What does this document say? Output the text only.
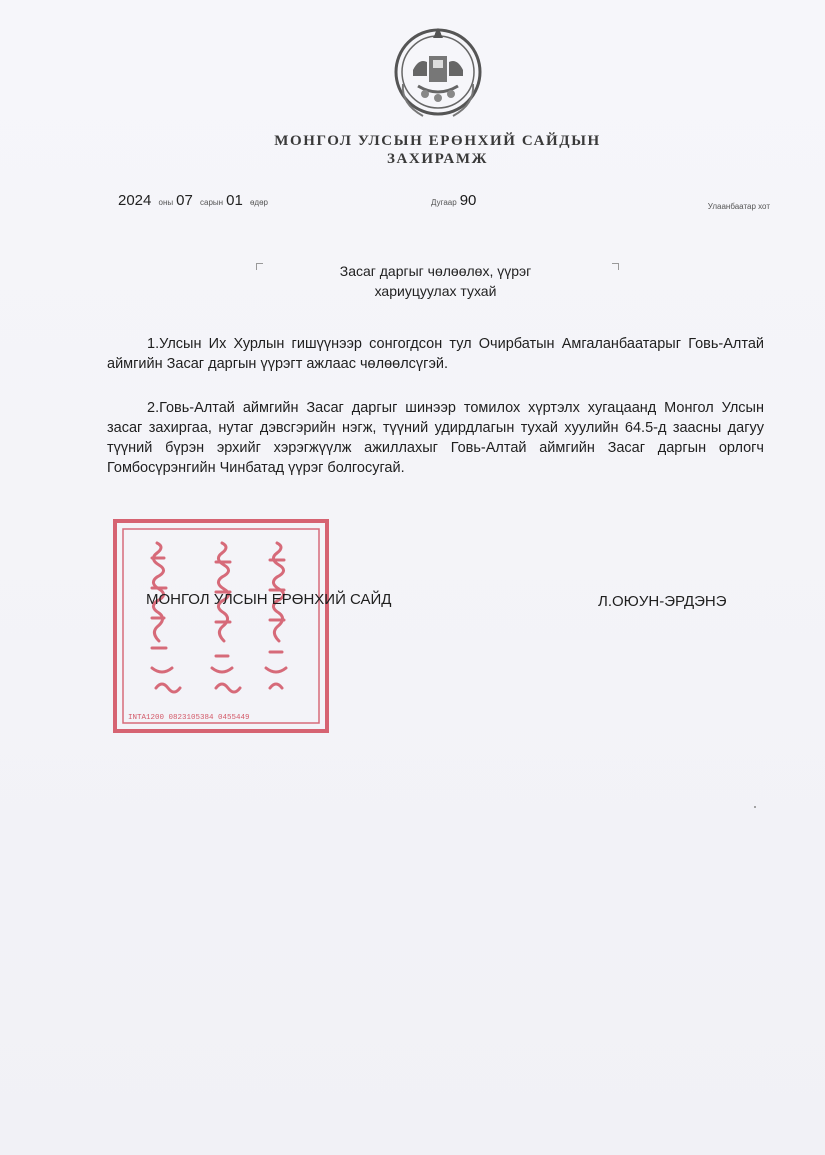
МОНГОЛ УЛСЫН ЕРӨНХИЙ САЙДЫН
ЗАХИРАМЖ
2024 оны 07 сарын 01 өдөр	Дугаар 90	Улаанбаатар хот
Засаг даргыг чөлөөлөх, үүрэг
хариуцуулах тухай

1.Улсын Их Хурлын гишүүнээр сонгогдсон тул Очирбатын Амгаланбаатарыг Говь-Алтай аймгийн Засаг даргын үүрэгт ажлаас чөлөөлсүгэй.

2.Говь-Алтай аймгийн Засаг даргыг шинээр томилох хүртэлх хугацаанд Монгол Улсын засаг захиргаа, нутаг дэвсгэрийн нэгж, түүний удирдлагын тухай хуулийн 64.5-д заасны дагуу түүний бүрэн эрхийг хэрэгжүүлж ажиллахыг Говь-Алтай аймгийн Засаг даргын орлогч Гомбосүрэнгийн Чинбатад үүрэг болгосугай.

INTA1200 0823105384 0455449
МОНГОЛ УЛСЫН ЕРӨНХИЙ САЙД	Л.ОЮУН-ЭРДЭНЭ
